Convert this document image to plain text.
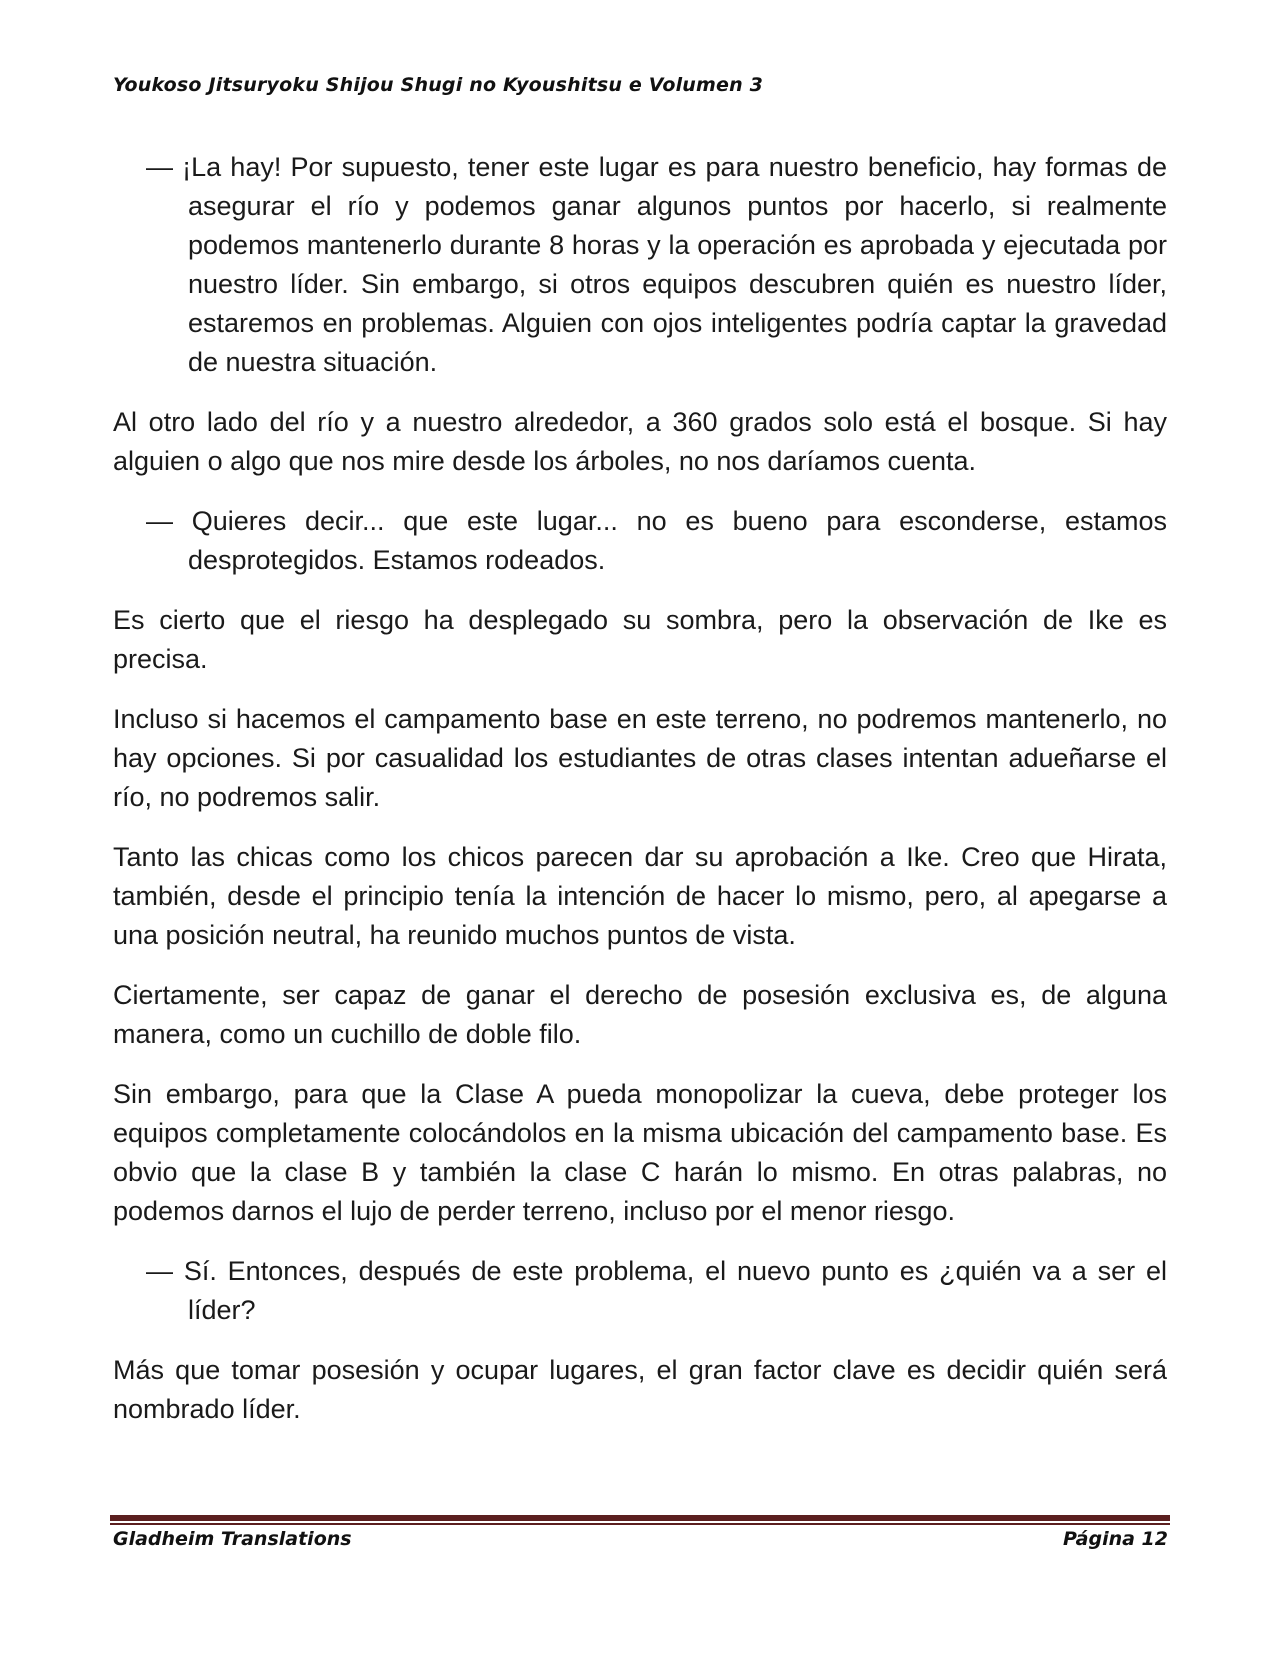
Youkoso Jitsuryoku Shijou Shugi no Kyoushitsu e Volumen 3

— ¡La hay! Por supuesto, tener este lugar es para nuestro beneficio, hay formas de asegurar el río y podemos ganar algunos puntos por hacerlo, si realmente podemos mantenerlo durante 8 horas y la operación es aprobada y ejecutada por nuestro líder. Sin embargo, si otros equipos descubren quién es nuestro líder, estaremos en problemas. Alguien con ojos inteligentes podría captar la gravedad de nuestra situación.

Al otro lado del río y a nuestro alrededor, a 360 grados solo está el bosque. Si hay alguien o algo que nos mire desde los árboles, no nos daríamos cuenta.

— Quieres decir... que este lugar... no es bueno para esconderse, estamos desprotegidos. Estamos rodeados.

Es cierto que el riesgo ha desplegado su sombra, pero la observación de Ike es precisa.

Incluso si hacemos el campamento base en este terreno, no podremos mantenerlo, no hay opciones. Si por casualidad los estudiantes de otras clases intentan adueñarse el río, no podremos salir.

Tanto las chicas como los chicos parecen dar su aprobación a Ike. Creo que Hirata, también, desde el principio tenía la intención de hacer lo mismo, pero, al apegarse a una posición neutral, ha reunido muchos puntos de vista.

Ciertamente, ser capaz de ganar el derecho de posesión exclusiva es, de alguna manera, como un cuchillo de doble filo.

Sin embargo, para que la Clase A pueda monopolizar la cueva, debe proteger los equipos completamente colocándolos en la misma ubicación del campamento base. Es obvio que la clase B y también la clase C harán lo mismo. En otras palabras, no podemos darnos el lujo de perder terreno, incluso por el menor riesgo.

— Sí. Entonces, después de este problema, el nuevo punto es ¿quién va a ser el líder?

Más que tomar posesión y ocupar lugares, el gran factor clave es decidir quién será nombrado líder.

Gladheim Translations	Página 12
